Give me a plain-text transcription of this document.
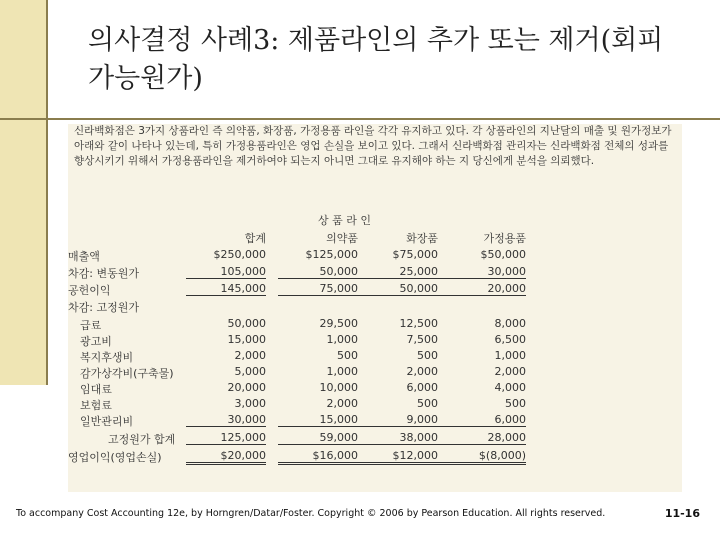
의사결정 사례3: 제품라인의 추가 또는 제거(회피가능원가)

신라백화점은 3가지 상품라인 즉 의약품, 화장품, 가정용품 라인을 각각 유지하고 있다. 각 상품라인의 지난달의 매출 및 원가정보가 아래와 같이 나타나 있는데, 특히 가정용품라인은 영업 손실을 보이고 있다. 그래서 신라백화점 관리자는 신라백화점 전체의 성과를 향상시키기 위해서 가정용품라인을 제거하여야 되는지 아니면 그대로 유지해야 하는 지 당신에게 분석을 의뢰했다.

상 품 라 인
합계	의약품	화장품	가정용품
매출액	$250,000	$125,000	$75,000	$50,000
차감: 변동원가	105,000	50,000	25,000	30,000
공헌이익	145,000	75,000	50,000	20,000
차감: 고정원가
급료	50,000	29,500	12,500	8,000
광고비	15,000	1,000	7,500	6,500
복지후생비	2,000	500	500	1,000
감가상각비(구축물)	5,000	1,000	2,000	2,000
임대료	20,000	10,000	6,000	4,000
보험료	3,000	2,000	500	500
일반관리비	30,000	15,000	9,000	6,000
고정원가 합계	125,000	59,000	38,000	28,000
영업이익(영업손실)	$20,000	$16,000	$12,000	$(8,000)
To accompany Cost Accounting 12e, by Horngren/Datar/Foster. Copyright © 2006 by Pearson Education. All rights reserved.	11-16
